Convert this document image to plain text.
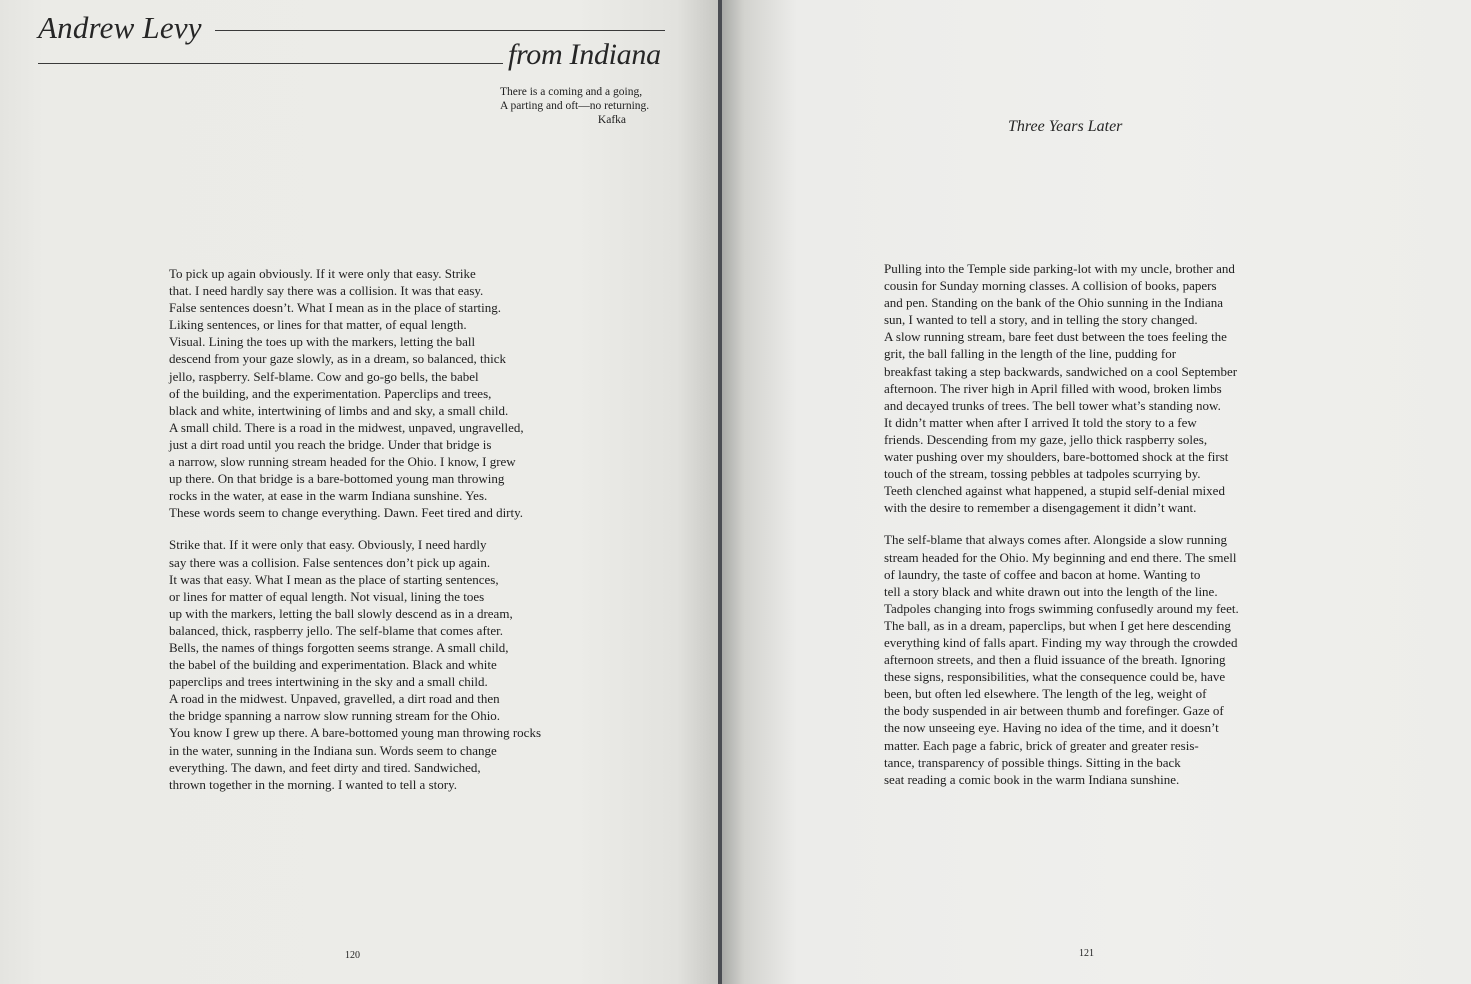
Andrew Levy
from Indiana
There is a coming and a going,
A parting and oft—no returning.
Kafka
To pick up again obviously. If it were only that easy. Strike
that. I need hardly say there was a collision. It was that easy.
False sentences doesn’t. What I mean as in the place of starting.
Liking sentences, or lines for that matter, of equal length.
Visual. Lining the toes up with the markers, letting the ball
descend from your gaze slowly, as in a dream, so balanced, thick
jello, raspberry. Self-blame. Cow and go-go bells, the babel
of the building, and the experimentation. Paperclips and trees,
black and white, intertwining of limbs and and sky, a small child.
A small child. There is a road in the midwest, unpaved, ungravelled,
just a dirt road until you reach the bridge. Under that bridge is
a narrow, slow running stream headed for the Ohio. I know, I grew
up there. On that bridge is a bare-bottomed young man throwing
rocks in the water, at ease in the warm Indiana sunshine. Yes.
These words seem to change everything. Dawn. Feet tired and dirty.
Strike that. If it were only that easy. Obviously, I need hardly
say there was a collision. False sentences don’t pick up again.
It was that easy. What I mean as the place of starting sentences,
or lines for matter of equal length. Not visual, lining the toes
up with the markers, letting the ball slowly descend as in a dream,
balanced, thick, raspberry jello. The self-blame that comes after.
Bells, the names of things forgotten seems strange. A small child,
the babel of the building and experimentation. Black and white
paperclips and trees intertwining in the sky and a small child.
A road in the midwest. Unpaved, gravelled, a dirt road and then
the bridge spanning a narrow slow running stream for the Ohio.
You know I grew up there. A bare-bottomed young man throwing rocks
in the water, sunning in the Indiana sun. Words seem to change
everything. The dawn, and feet dirty and tired. Sandwiched,
thrown together in the morning. I wanted to tell a story.
120
Three Years Later
Pulling into the Temple side parking-lot with my uncle, brother and
cousin for Sunday morning classes. A collision of books, papers
and pen. Standing on the bank of the Ohio sunning in the Indiana
sun, I wanted to tell a story, and in telling the story changed.
A slow running stream, bare feet dust between the toes feeling the
grit, the ball falling in the length of the line, pudding for
breakfast taking a step backwards, sandwiched on a cool September
afternoon. The river high in April filled with wood, broken limbs
and decayed trunks of trees. The bell tower what’s standing now.
It didn’t matter when after I arrived It told the story to a few
friends. Descending from my gaze, jello thick raspberry soles,
water pushing over my shoulders, bare-bottomed shock at the first
touch of the stream, tossing pebbles at tadpoles scurrying by.
Teeth clenched against what happened, a stupid self-denial mixed
with the desire to remember a disengagement it didn’t want.
The self-blame that always comes after. Alongside a slow running
stream headed for the Ohio. My beginning and end there. The smell
of laundry, the taste of coffee and bacon at home. Wanting to
tell a story black and white drawn out into the length of the line.
Tadpoles changing into frogs swimming confusedly around my feet.
The ball, as in a dream, paperclips, but when I get here descending
everything kind of falls apart. Finding my way through the crowded
afternoon streets, and then a fluid issuance of the breath. Ignoring
these signs, responsibilities, what the consequence could be, have
been, but often led elsewhere. The length of the leg, weight of
the body suspended in air between thumb and forefinger. Gaze of
the now unseeing eye. Having no idea of the time, and it doesn’t
matter. Each page a fabric, brick of greater and greater resis-
tance, transparency of possible things. Sitting in the back
seat reading a comic book in the warm Indiana sunshine.
121
